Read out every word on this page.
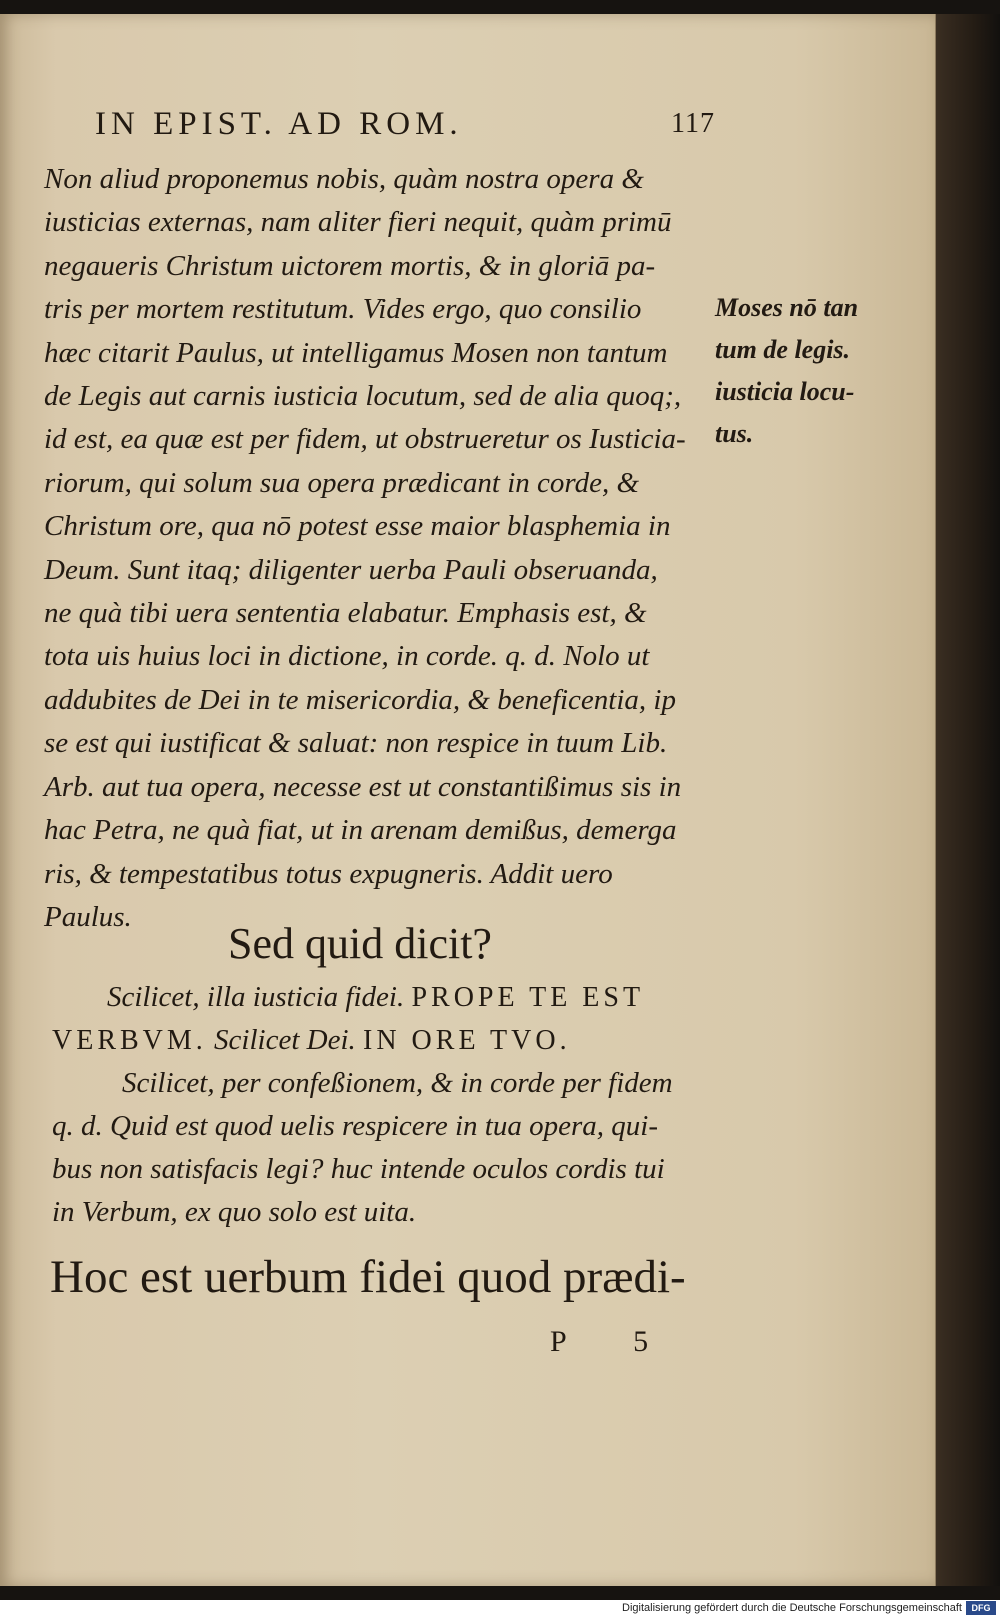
IN EPIST. AD ROM.	117
Non aliud proponemus nobis, quàm nostra opera &
iusticias externas, nam aliter fieri nequit, quàm primū
negaueris Christum uictorem mortis, & in gloriā pa-
tris per mortem restitutum. Vides ergo, quo consilio
hæc citarit Paulus, ut intelligamus Mosen non tantum
de Legis aut carnis iusticia locutum, sed de alia quoq;,
id est, ea quæ est per fidem, ut obstrueretur os Iusticia-
riorum, qui solum sua opera prædicant in corde, &
Christum ore, qua nō potest esse maior blasphemia in
Deum. Sunt itaq; diligenter uerba Pauli obseruanda,
ne quà tibi uera sententia elabatur. Emphasis est, &
tota uis huius loci in dictione, in corde. q. d. Nolo ut
addubites de Dei in te misericordia, & beneficentia, ip
se est qui iustificat & saluat: non respice in tuum Lib.
Arb. aut tua opera, necesse est ut constantißimus sis in
hac Petra, ne quà fiat, ut in arenam demißus, demerga
ris, & tempestatibus totus expugneris. Addit uero
Paulus.
Moses nō tan
tum de legis.
iusticia locu-
tus.
Sed quid dicit?
Scilicet, illa iusticia fidei. PROPE TE EST
VERBVM. Scilicet Dei. IN ORE TVO.
Scilicet, per confeßionem, & in corde per fidem
q. d. Quid est quod uelis respicere in tua opera, qui-
bus non satisfacis legi? huc intende oculos cordis tui
in Verbum, ex quo solo est uita.
Hoc est uerbum fidei quod prædi-
P 5
Digitalisierung gefördert durch die Deutsche Forschungsgemeinschaft	DFG
